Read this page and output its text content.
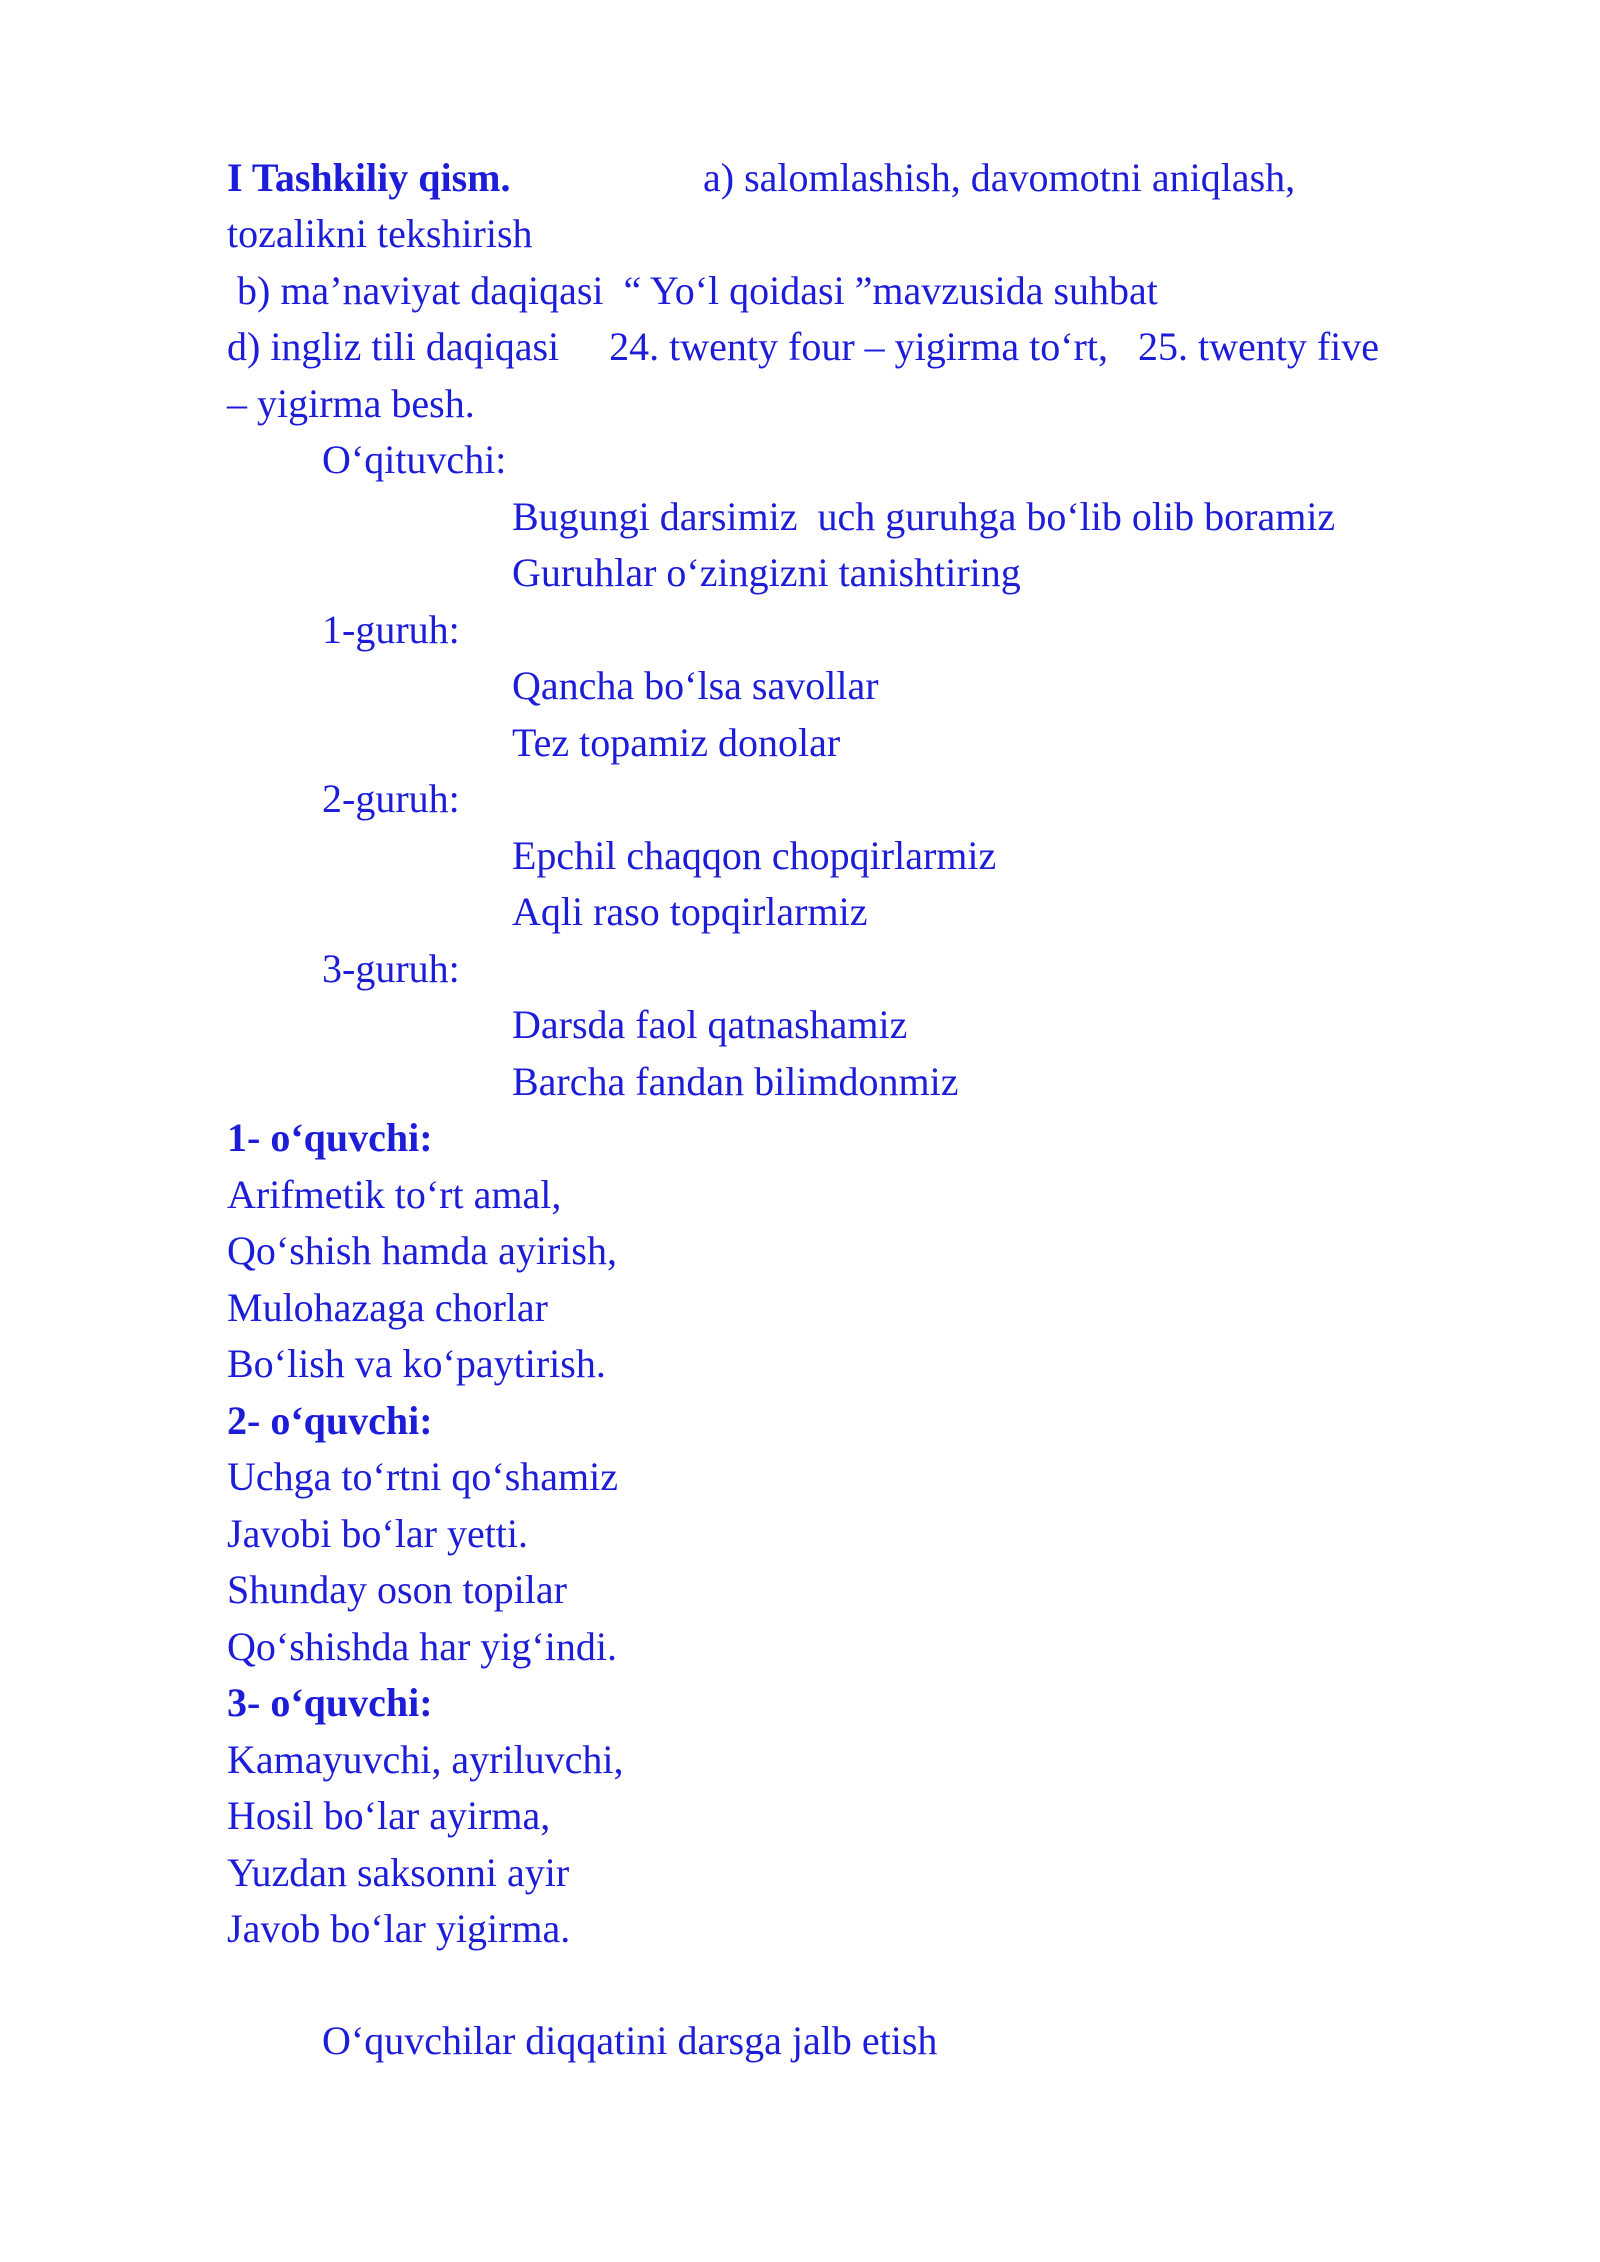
I Tashkiliy qism.	a) salomlashish, davomotni aniqlash,
tozalikni tekshirish
b) ma’naviyat daqiqasi  “ Yo‘l qoidasi ”mavzusida suhbat
d) ingliz tili daqiqasi     24. twenty four – yigirma to‘rt,   25. twenty five
– yigirma besh.
O‘qituvchi:
Bugungi darsimiz  uch guruhga bo‘lib olib boramiz
Guruhlar o‘zingizni tanishtiring
1-guruh:
Qancha bo‘lsa savollar
Tez topamiz donolar
2-guruh:
Epchil chaqqon chopqirlarmiz
Aqli raso topqirlarmiz
3-guruh:
Darsda faol qatnashamiz
Barcha fandan bilimdonmiz
1- o‘quvchi:
Arifmetik to‘rt amal,
Qo‘shish hamda ayirish,
Mulohazaga chorlar
Bo‘lish va ko‘paytirish.
2- o‘quvchi:
Uchga to‘rtni qo‘shamiz
Javobi bo‘lar yetti.
Shunday oson topilar
Qo‘shishda har yig‘indi.
3- o‘quvchi:
Kamayuvchi, ayriluvchi,
Hosil bo‘lar ayirma,
Yuzdan saksonni ayir
Javob bo‘lar yigirma.
O‘quvchilar diqqatini darsga jalb etish
